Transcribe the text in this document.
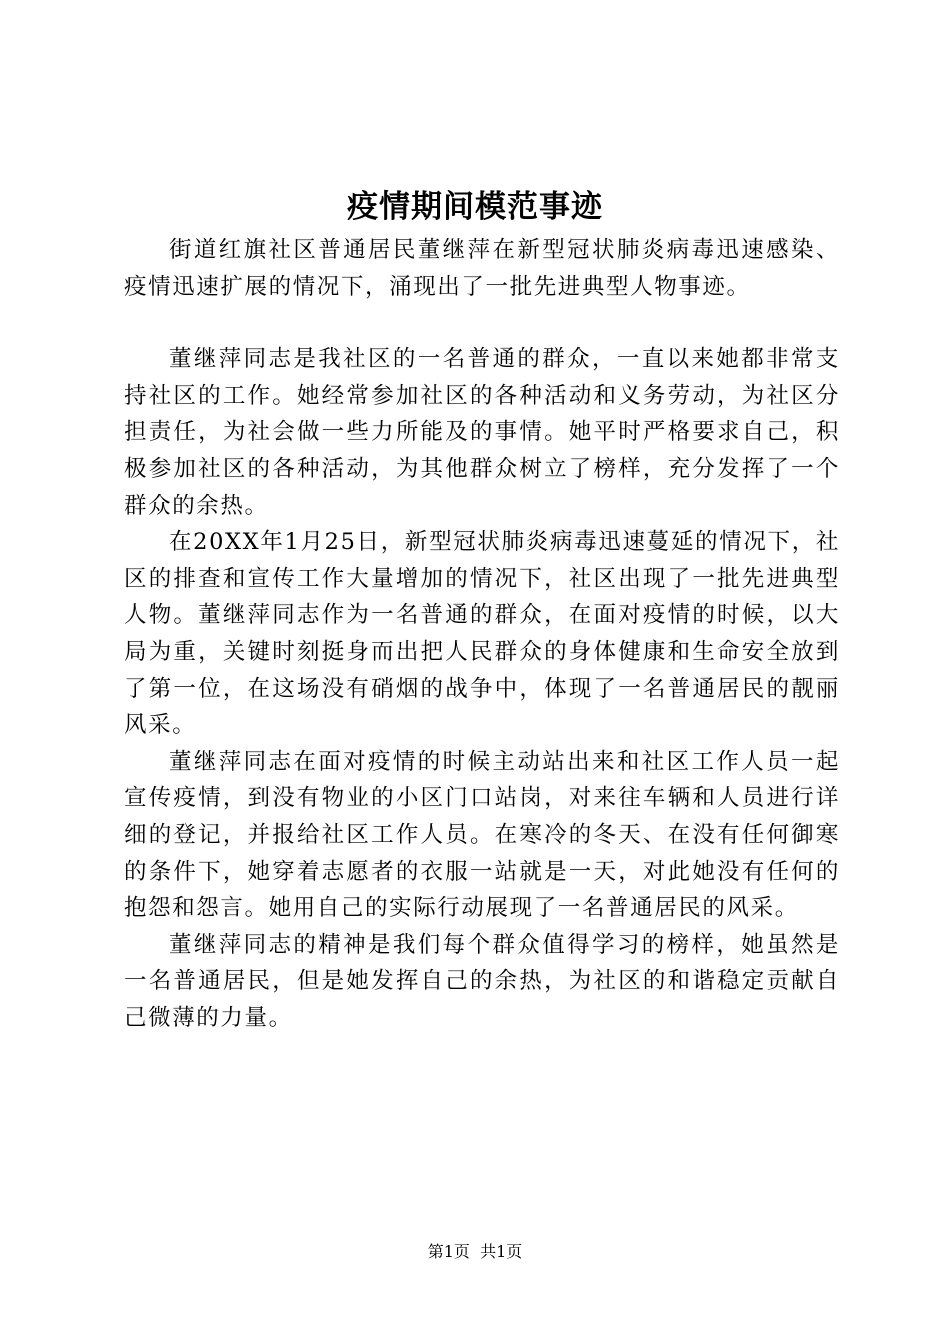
疫情期间模范事迹

街道红旗社区普通居民董继萍在新型冠状肺炎病毒迅速感染、疫情迅速扩展的情况下，涌现出了一批先进典型人物事迹。

董继萍同志是我社区的一名普通的群众，一直以来她都非常支持社区的工作。她经常参加社区的各种活动和义务劳动，为社区分担责任，为社会做一些力所能及的事情。她平时严格要求自己，积极参加社区的各种活动，为其他群众树立了榜样，充分发挥了一个群众的余热。

在20XX年1月25日，新型冠状肺炎病毒迅速蔓延的情况下，社区的排查和宣传工作大量增加的情况下，社区出现了一批先进典型人物。董继萍同志作为一名普通的群众，在面对疫情的时候，以大局为重，关键时刻挺身而出把人民群众的身体健康和生命安全放到了第一位，在这场没有硝烟的战争中，体现了一名普通居民的靓丽风采。

董继萍同志在面对疫情的时候主动站出来和社区工作人员一起宣传疫情，到没有物业的小区门口站岗，对来往车辆和人员进行详细的登记，并报给社区工作人员。在寒冷的冬天、在没有任何御寒的条件下，她穿着志愿者的衣服一站就是一天，对此她没有任何的抱怨和怨言。她用自己的实际行动展现了一名普通居民的风采。

董继萍同志的精神是我们每个群众值得学习的榜样，她虽然是一名普通居民，但是她发挥自己的余热，为社区的和谐稳定贡献自己微薄的力量。

第1页 共1页
